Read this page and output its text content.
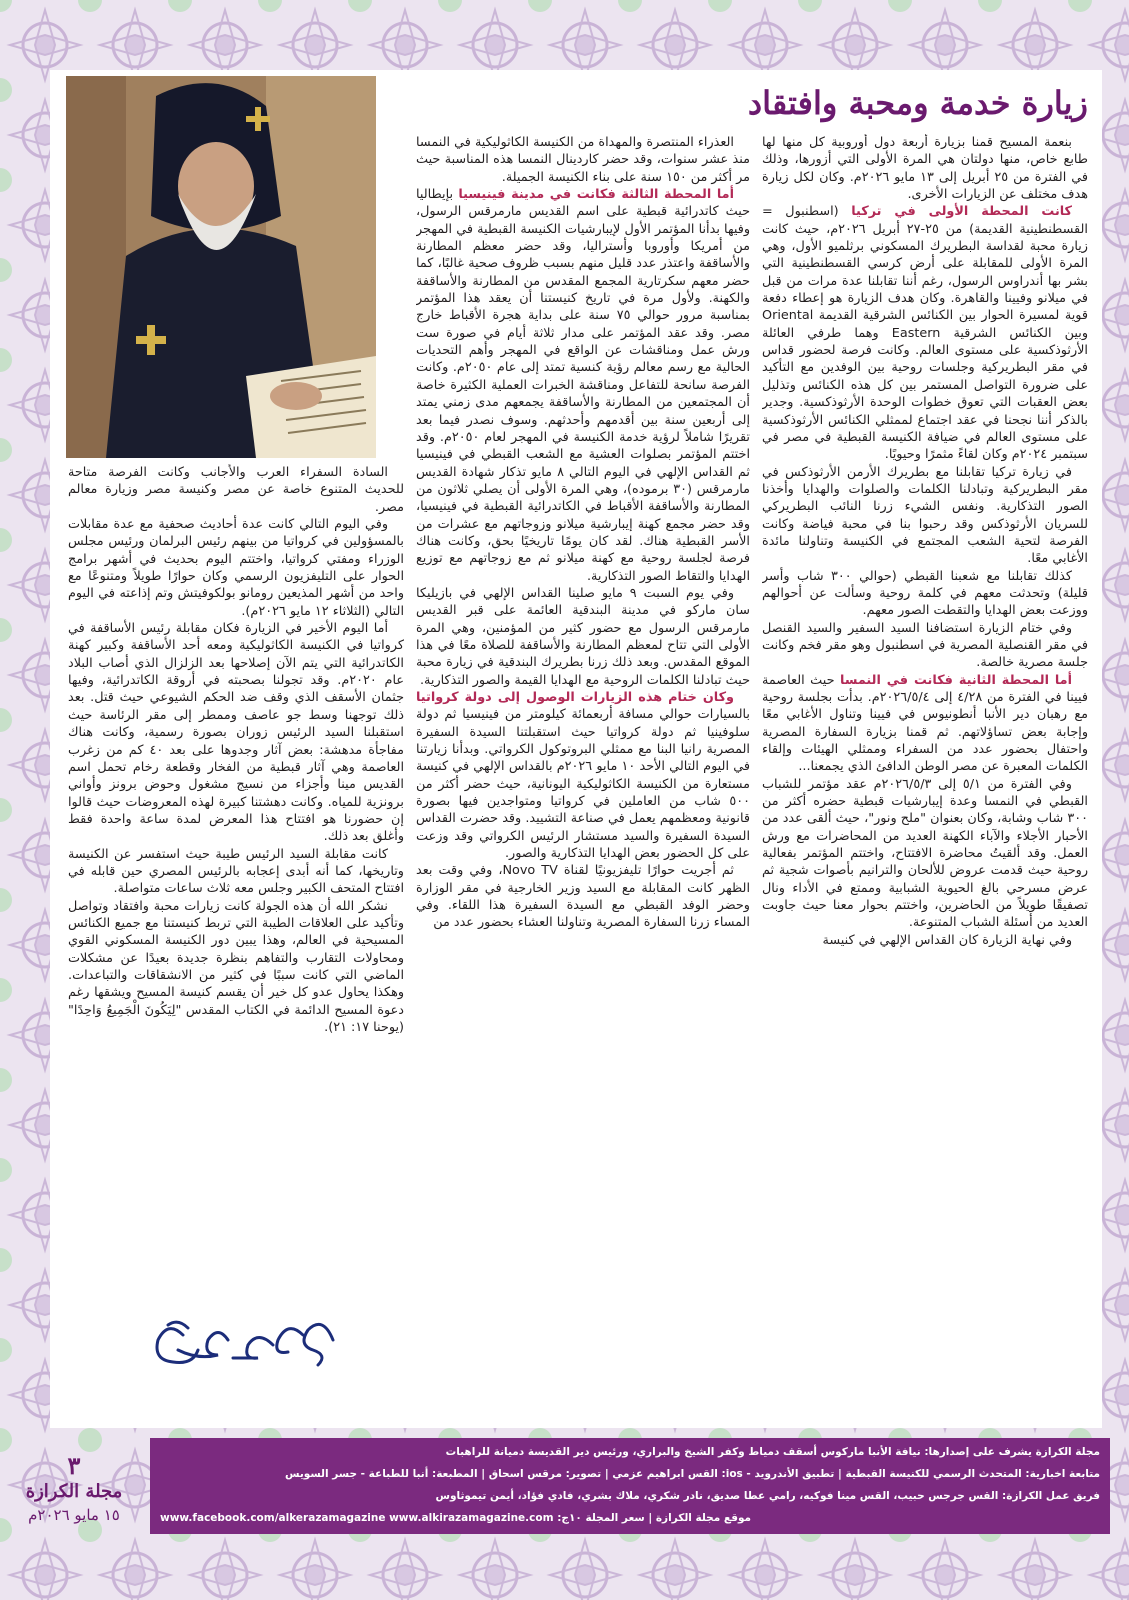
زيارة خدمة ومحبة وافتقاد

بنعمة المسيح قمنا بزيارة أربعة دول أوروبية كل منها لها طابع خاص، منها دولتان هي المرة الأولى التي أزورها، وذلك في الفترة من ٢٥ أبريل إلى ١٣ مايو ٢٠٢٦م. وكان لكل زيارة هدف مختلف عن الزيارات الأخرى.

كانت المحطة الأولى في تركيا (اسطنبول = القسطنطينية القديمة) من ٢٥-٢٧ أبريل ٢٠٢٦م، حيث كانت زيارة محبة لقداسة البطريرك المسكوني برثلميو الأول، وهي المرة الأولى للمقابلة على أرض كرسي القسطنطينية التي بشر بها أندراوس الرسول، رغم أننا تقابلنا عدة مرات من قبل في ميلانو وفيينا والقاهرة. وكان هدف الزيارة هو إعطاء دفعة قوية لمسيرة الحوار بين الكنائس الشرقية القديمة Oriental وبين الكنائس الشرقية Eastern وهما طرفي العائلة الأرثوذكسية على مستوى العالم. وكانت فرصة لحضور قداس في مقر البطريركية وجلسات روحية بين الوفدين مع التأكيد على ضرورة التواصل المستمر بين كل هذه الكنائس وتذليل بعض العقبات التي تعوق خطوات الوحدة الأرثوذكسية. وجدير بالذكر أننا نجحنا في عقد اجتماع لممثلي الكنائس الأرثوذكسية على مستوى العالم في ضيافة الكنيسة القبطية في مصر في سبتمبر ٢٠٢٤م وكان لقاءً مثمرًا وحيويًا.

في زيارة تركيا تقابلنا مع بطريرك الأرمن الأرثوذكس في مقر البطريركية وتبادلنا الكلمات والصلوات والهدايا وأخذنا الصور التذكارية. ونفس الشيء زرنا النائب البطريركي للسريان الأرثوذكس وقد رحبوا بنا في محبة فياضة وكانت الفرصة لتحية الشعب المجتمع في الكنيسة وتناولنا مائدة الأغابي معًا.

كذلك تقابلنا مع شعبنا القبطي (حوالي ٣٠٠ شاب وأسر قليلة) وتحدثت معهم في كلمة روحية وسألت عن أحوالهم ووزعت بعض الهدايا والتقطت الصور معهم.

وفي ختام الزيارة استضافنا السيد السفير والسيد القنصل في مقر القنصلية المصرية في اسطنبول وهو مقر فخم وكانت جلسة مصرية خالصة.

أما المحطة الثانية فكانت في النمسا حيث العاصمة فيينا في الفترة من ٤/٢٨ إلى ٢٠٢٦/٥/٤م. بدأت بجلسة روحية مع رهبان دير الأنبا أنطونيوس في فيينا وتناول الأغابي معًا وإجابة بعض تساؤلاتهم. ثم قمنا بزيارة السفارة المصرية واحتفال بحضور عدد من السفراء وممثلي الهيئات وإلقاء الكلمات المعبرة عن مصر الوطن الدافئ الذي يجمعنا...

وفي الفترة من ٥/١ إلى ٢٠٢٦/٥/٣م عقد مؤتمر للشباب القبطي في النمسا وعدة إيبارشيات قبطية حضره أكثر من ٣٠٠ شاب وشابة، وكان بعنوان "ملح ونور"، حيث ألقى عدد من الأحبار الأجلاء والآباء الكهنة العديد من المحاضرات مع ورش العمل. وقد ألقيتُ محاضرة الافتتاح، واختتم المؤتمر بفعالية روحية حيث قدمت عروض للألحان والترانيم بأصوات شجية ثم عرض مسرحي بالغ الحيوية الشبابية وممتع في الأداء ونال تصفيقًا طويلاً من الحاضرين، واختتم بحوار معنا حيث جاوبت العديد من أسئلة الشباب المتنوعة.

وفي نهاية الزيارة كان القداس الإلهي في كنيسة

العذراء المنتصرة والمهداة من الكنيسة الكاثوليكية في النمسا منذ عشر سنوات، وقد حضر كاردينال النمسا هذه المناسبة حيث مر أكثر من ١٥٠ سنة على بناء الكنيسة الجميلة.

أما المحطة الثالثة فكانت في مدينة فينيسيا بإيطاليا حيث كاتدرائية قبطية على اسم القديس مارمرقس الرسول، وفيها بدأنا المؤتمر الأول لإيبارشيات الكنيسة القبطية في المهجر من أمريكا وأوروبا وأستراليا، وقد حضر معظم المطارنة والأساقفة واعتذر عدد قليل منهم بسبب ظروف صحية غالبًا، كما حضر معهم سكرتارية المجمع المقدس من المطارنة والأساقفة والكهنة. ولأول مرة في تاريخ كنيستنا أن يعقد هذا المؤتمر بمناسبة مرور حوالي ٧٥ سنة على بداية هجرة الأقباط خارج مصر. وقد عقد المؤتمر على مدار ثلاثة أيام في صورة ست ورش عمل ومناقشات عن الواقع في المهجر وأهم التحديات الحالية مع رسم معالم رؤية كنسية تمتد إلى عام ٢٠٥٠م. وكانت الفرصة سانحة للتفاعل ومناقشة الخبرات العملية الكثيرة خاصة أن المجتمعين من المطارنة والأساقفة يجمعهم مدى زمني يمتد إلى أربعين سنة بين أقدمهم وأحدثهم. وسوف نصدر فيما بعد تقريرًا شاملاً لرؤية خدمة الكنيسة في المهجر لعام ٢٠٥٠م. وقد اختتم المؤتمر بصلوات العشية مع الشعب القبطي في فينيسيا ثم القداس الإلهي في اليوم التالي ٨ مايو تذكار شهادة القديس مارمرقس (٣٠ برموده)، وهي المرة الأولى أن يصلي ثلاثون من المطارنة والأساقفة الأقباط في الكاتدرائية القبطية في فينيسيا، وقد حضر مجمع كهنة إيبارشية ميلانو وزوجاتهم مع عشرات من الأسر القبطية هناك. لقد كان يومًا تاريخيًا بحق، وكانت هناك فرصة لجلسة روحية مع كهنة ميلانو ثم مع زوجاتهم مع توزيع الهدايا والتقاط الصور التذكارية.

وفي يوم السبت ٩ مايو صلينا القداس الإلهي في بازيليكا سان ماركو في مدينة البندقية العائمة على قبر القديس مارمرقس الرسول مع حضور كثير من المؤمنين، وهي المرة الأولى التي تتاح لمعظم المطارنة والأساقفة للصلاة معًا في هذا الموقع المقدس. وبعد ذلك زرنا بطريرك البندقية في زيارة محبة حيث تبادلنا الكلمات الروحية مع الهدايا القيمة والصور التذكارية.

وكان ختام هذه الزيارات الوصول إلى دولة كرواتيا بالسيارات حوالي مسافة أربعمائة كيلومتر من فينيسيا ثم دولة سلوفينيا ثم دولة كرواتيا حيث استقبلتنا السيدة السفيرة المصرية رانيا البنا مع ممثلي البروتوكول الكرواتي. وبدأنا زيارتنا في اليوم التالي الأحد ١٠ مايو ٢٠٢٦م بالقداس الإلهي في كنيسة مستعارة من الكنيسة الكاثوليكية اليونانية، حيث حضر أكثر من ٥٠٠ شاب من العاملين في كرواتيا ومتواجدين فيها بصورة قانونية ومعظمهم يعمل في صناعة التشييد. وقد حضرت القداس السيدة السفيرة والسيد مستشار الرئيس الكرواتي وقد وزعت على كل الحضور بعض الهدايا التذكارية والصور.

ثم أجريت حوارًا تليفزيونيًا لقناة Novo TV، وفي وقت بعد الظهر كانت المقابلة مع السيد وزير الخارجية في مقر الوزارة وحضر الوفد القبطي مع السيدة السفيرة هذا اللقاء. وفي المساء زرنا السفارة المصرية وتناولنا العشاء بحضور عدد من

السادة السفراء العرب والأجانب وكانت الفرصة متاحة للحديث المتنوع خاصة عن مصر وكنيسة مصر وزيارة معالم مصر.

وفي اليوم التالي كانت عدة أحاديث صحفية مع عدة مقابلات بالمسؤولين في كرواتيا من بينهم رئيس البرلمان ورئيس مجلس الوزراء ومفتي كرواتيا، واختتم اليوم بحديث في أشهر برامج الحوار على التليفزيون الرسمي وكان حوارًا طويلاً ومتنوعًا مع واحد من أشهر المذيعين رومانو بولكوفيتش وتم إذاعته في اليوم التالي (الثلاثاء ١٢ مايو ٢٠٢٦م).

أما اليوم الأخير في الزيارة فكان مقابلة رئيس الأساقفة في كرواتيا في الكنيسة الكاثوليكية ومعه أحد الأساقفة وكبير كهنة الكاتدرائية التي يتم الآن إصلاحها بعد الزلزال الذي أصاب البلاد عام ٢٠٢٠م. وقد تجولنا بصحبته في أروقة الكاتدرائية، وفيها جثمان الأسقف الذي وقف ضد الحكم الشيوعي حيث قتل. بعد ذلك توجهنا وسط جو عاصف وممطر إلى مقر الرئاسة حيث استقبلنا السيد الرئيس زوران بصورة رسمية، وكانت هناك مفاجأة مدهشة: بعض آثار وجدوها على بعد ٤٠ كم من زغرب العاصمة وهي آثار قبطية من الفخار وقطعة رخام تحمل اسم القديس مينا وأجزاء من نسيج مشغول وحوض برونز وأواني برونزية للمياه. وكانت دهشتنا كبيرة لهذه المعروضات حيث قالوا إن حضورنا هو افتتاح هذا المعرض لمدة ساعة واحدة فقط وأغلق بعد ذلك.

كانت مقابلة السيد الرئيس طيبة حيث استفسر عن الكنيسة وتاريخها، كما أنه أبدى إعجابه بالرئيس المصري حين قابله في افتتاح المتحف الكبير وجلس معه ثلاث ساعات متواصلة.

نشكر الله أن هذه الجولة كانت زيارات محبة وافتقاد وتواصل وتأكيد على العلاقات الطيبة التي تربط كنيستنا مع جميع الكنائس المسيحية في العالم، وهذا يبين دور الكنيسة المسكوني القوي ومحاولات التقارب والتفاهم بنظرة جديدة بعيدًا عن مشكلات الماضي التي كانت سببًا في كثير من الانشقاقات والتباعدات. وهكذا يحاول عدو كل خير أن يقسم كنيسة المسيح ويشقها رغم دعوة المسيح الدائمة في الكتاب المقدس "لِيَكُونَ الْجَمِيعُ وَاحِدًا" (يوحنا ١٧: ٢١).

٣
مجلة الكرازة
١٥ مايو ٢٠٢٦م
مجلة الكرازة يشرف على إصدارها: نيافة الأنبا ماركوس أسقف دمياط وكفر الشيخ والبراري، ورئيس دير القديسة دميانة للراهبات
متابعة اخبارية: المتحدث الرسمي للكنيسة القبطية | تطبيق الأندرويد - ios: القس ابراهيم عزمي | تصوير: مرقس اسحاق | المطبعة: أنبا للطباعة - جسر السويس
فريق عمل الكرازة: القس جرجس حبيب، القس مينا فوكيه، رامي عطا صديق، نادر شكري، ملاك بشري، فادي فؤاد، أيمن تيموثاوس
www.facebook.com/alkerazamagazine www.alkirazamagazine.com :موقع مجلة الكرازة | سعر المجلة ١٠ج
